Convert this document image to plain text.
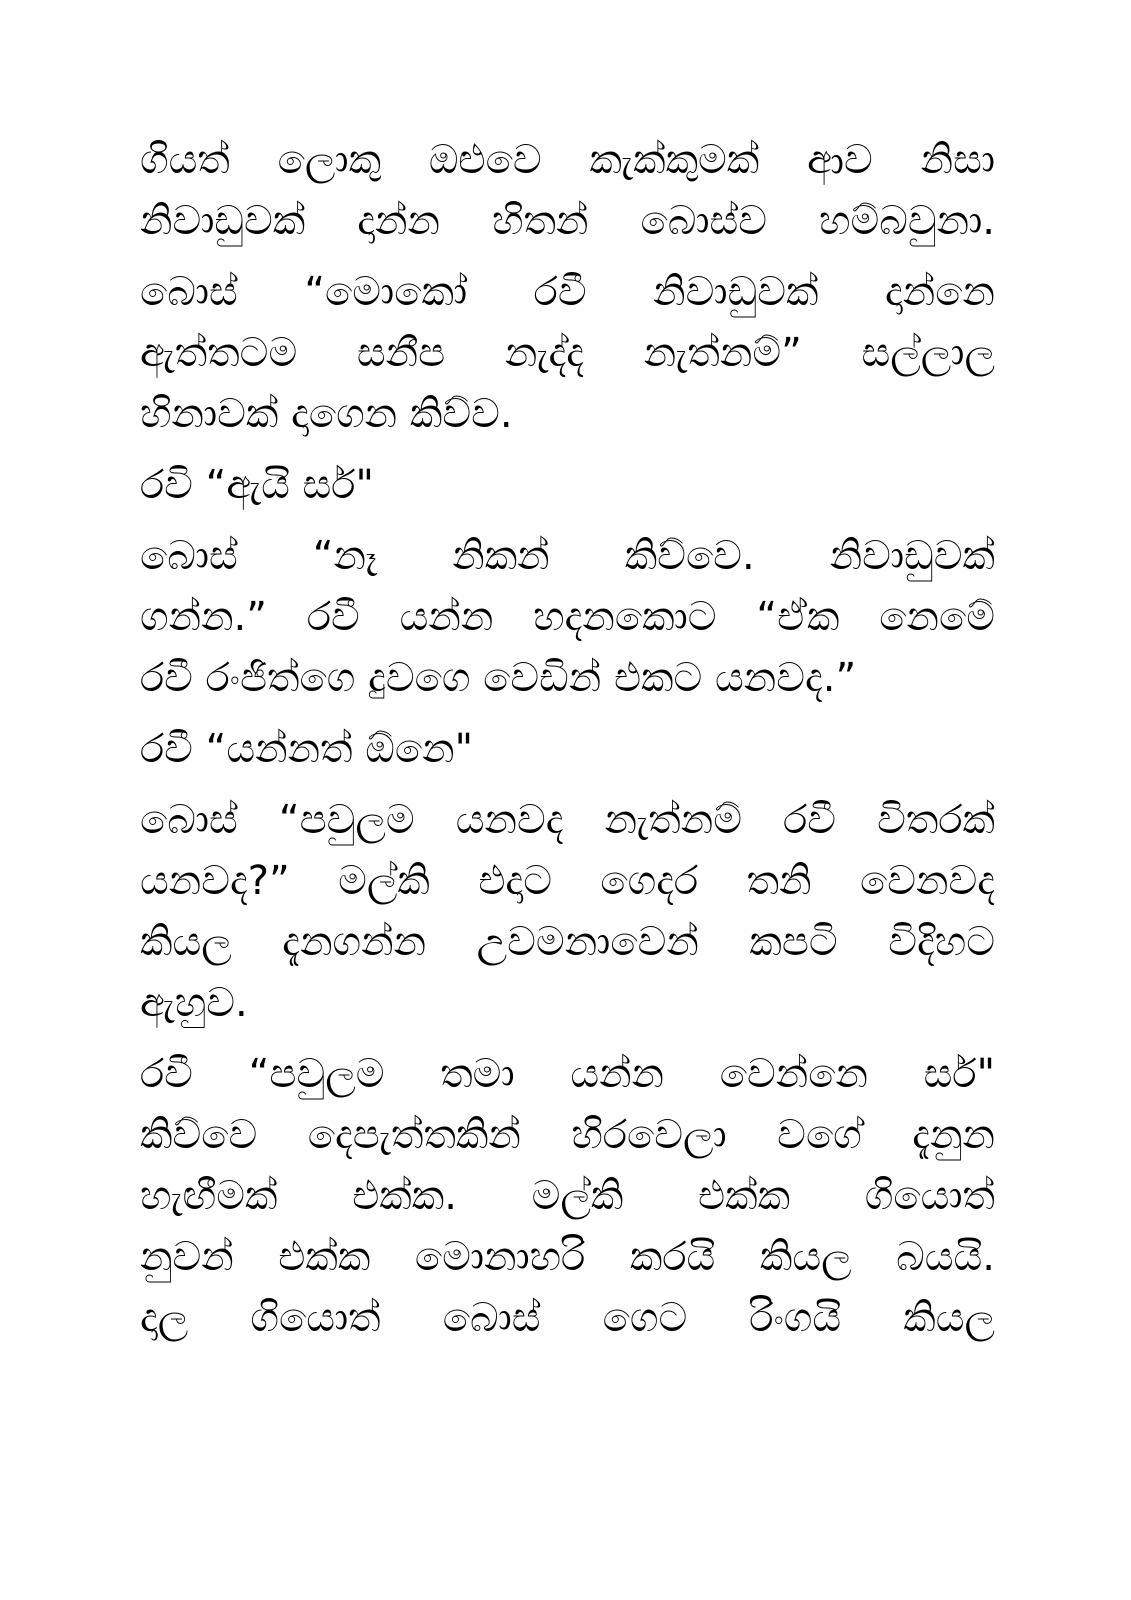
ගියත් ලොකු ඔළුවෙ කැක්කුමක් ආව නිසා
නිවාඩුවක් දාන්න හිතන් බොස්ව හම්බවුනා.
බොස් “මොකෝ රවී නිවාඩුවක් දාන්නෙ
ඇත්තටම සනීප නැද්ද නැත්නම්” සල්ලාල
හිනාවක් දාගෙන කිව්ව.
රවි “ඇයි සර්"
බොස් “නෑ නිකන් කිව්වෙ. නිවාඩුවක්
ගන්න.” රවී යන්න හදනකොට “ඒක නෙමේ
රවී රංජිත්ගෙ දුවගෙ වෙඩින් එකට යනවද.”
රවී “යන්නත් ඕනෙ"
බොස් “පවුලම යනවද නැත්නම් රවී විතරක්
යනවද?” මල්කි එදාට ගෙදර තනි වෙනවද
කියල දැනගන්න උවමනාවෙන් කපටි විදිහට
ඇහුව.
රවී “පවුලම තමා යන්න වෙන්නෙ සර්"
කිව්වෙ දෙපැත්තකින් හිරවෙලා වගේ දැනුන
හැඟීමක් එක්ක. මල්කි එක්ක ගියොත්
නුවන් එක්ක මොනාහරි කරයි කියල බයයි.
දාල ගියොත් බොස් ගෙට රිංගයි කියල
